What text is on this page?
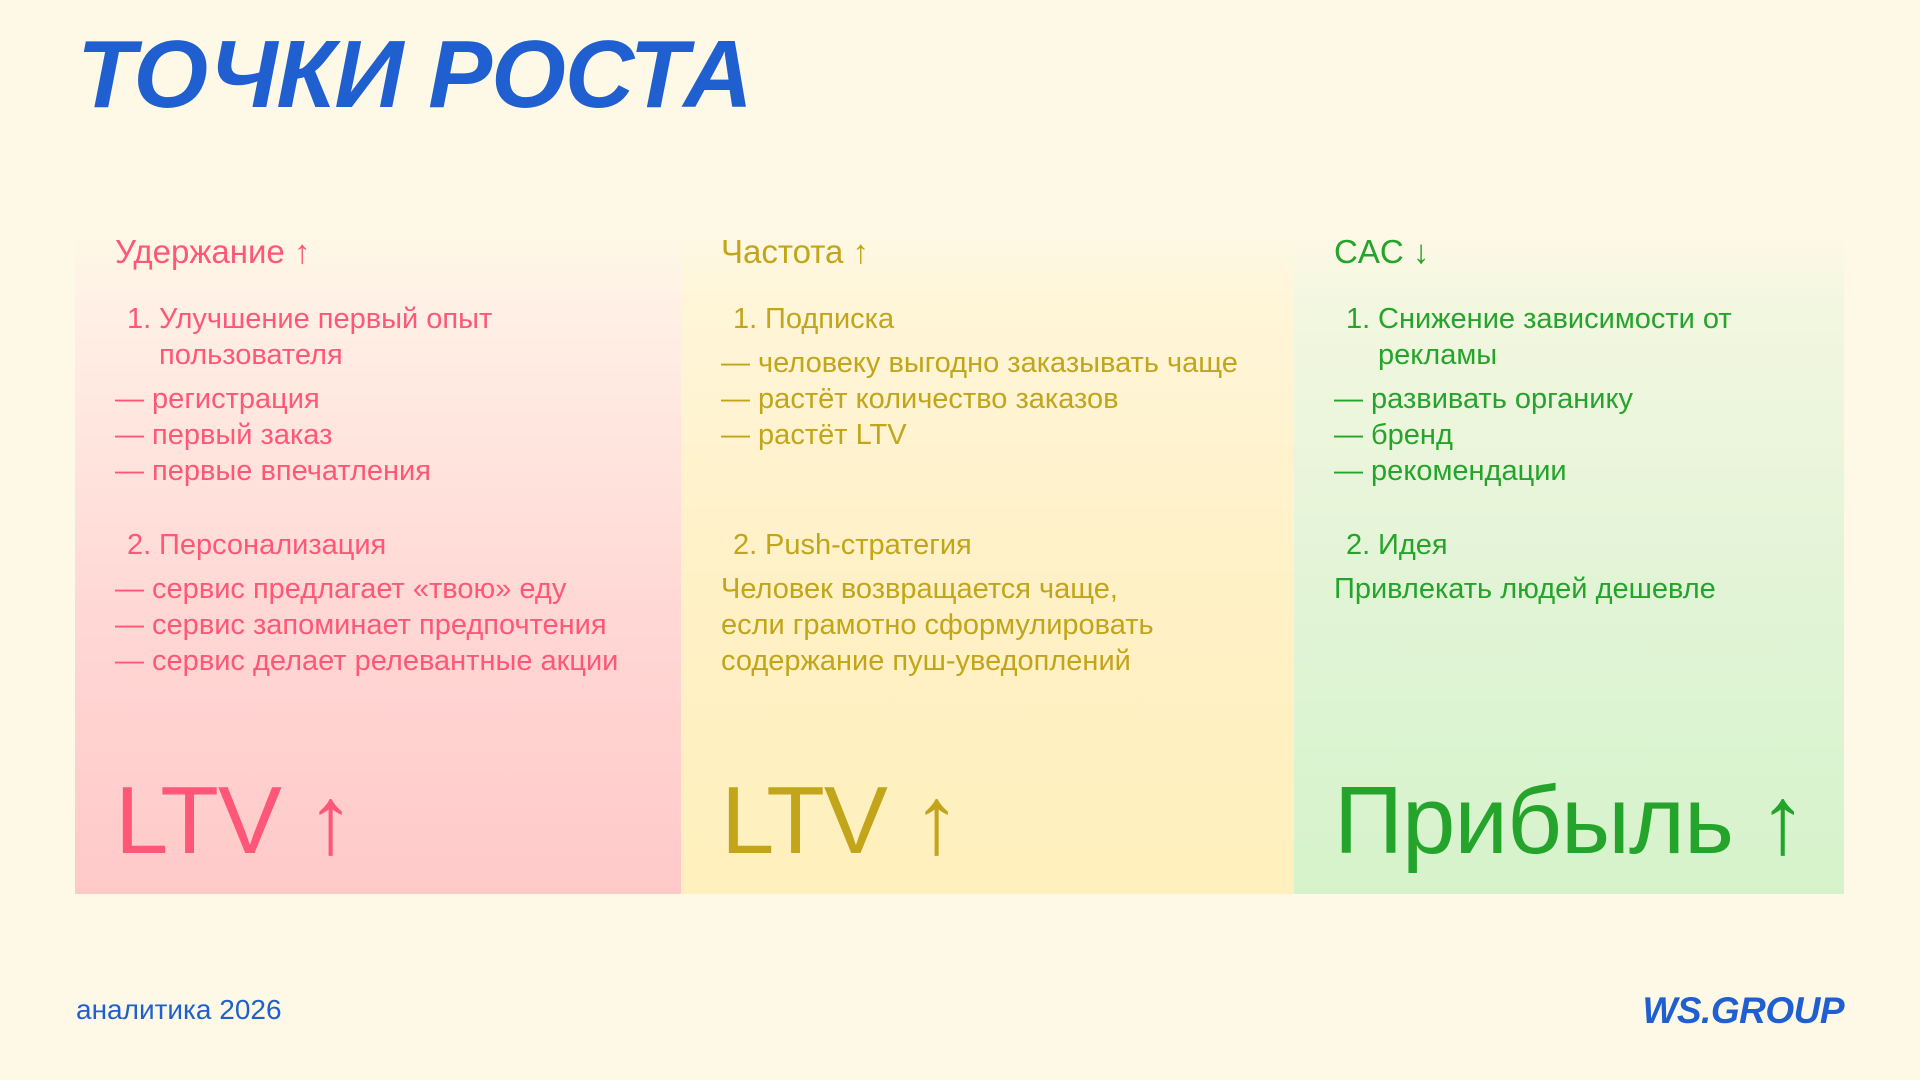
ТОЧКИ РОСТА
Удержание ↑
1. Улучшение первый опыт пользователя
— регистрация
— первый заказ
— первые впечатления
2. Персонализация
— сервис предлагает «твою» еду
— сервис запоминает предпочтения
— сервис делает релевантные акции
LTV ↑
Частота ↑
1. Подписка
— человеку выгодно заказывать чаще
— растёт количество заказов
— растёт LTV
2. Push-стратегия
Человек возвращается чаще,
если грамотно сформулировать
содержание пуш-уведоплений
LTV ↑
CAC ↓
1. Снижение зависимости от рекламы
— развивать органику
— бренд
— рекомендации
2. Идея
Привлекать людей дешевле
Прибыль ↑
аналитика 2026	WS.GROUP
